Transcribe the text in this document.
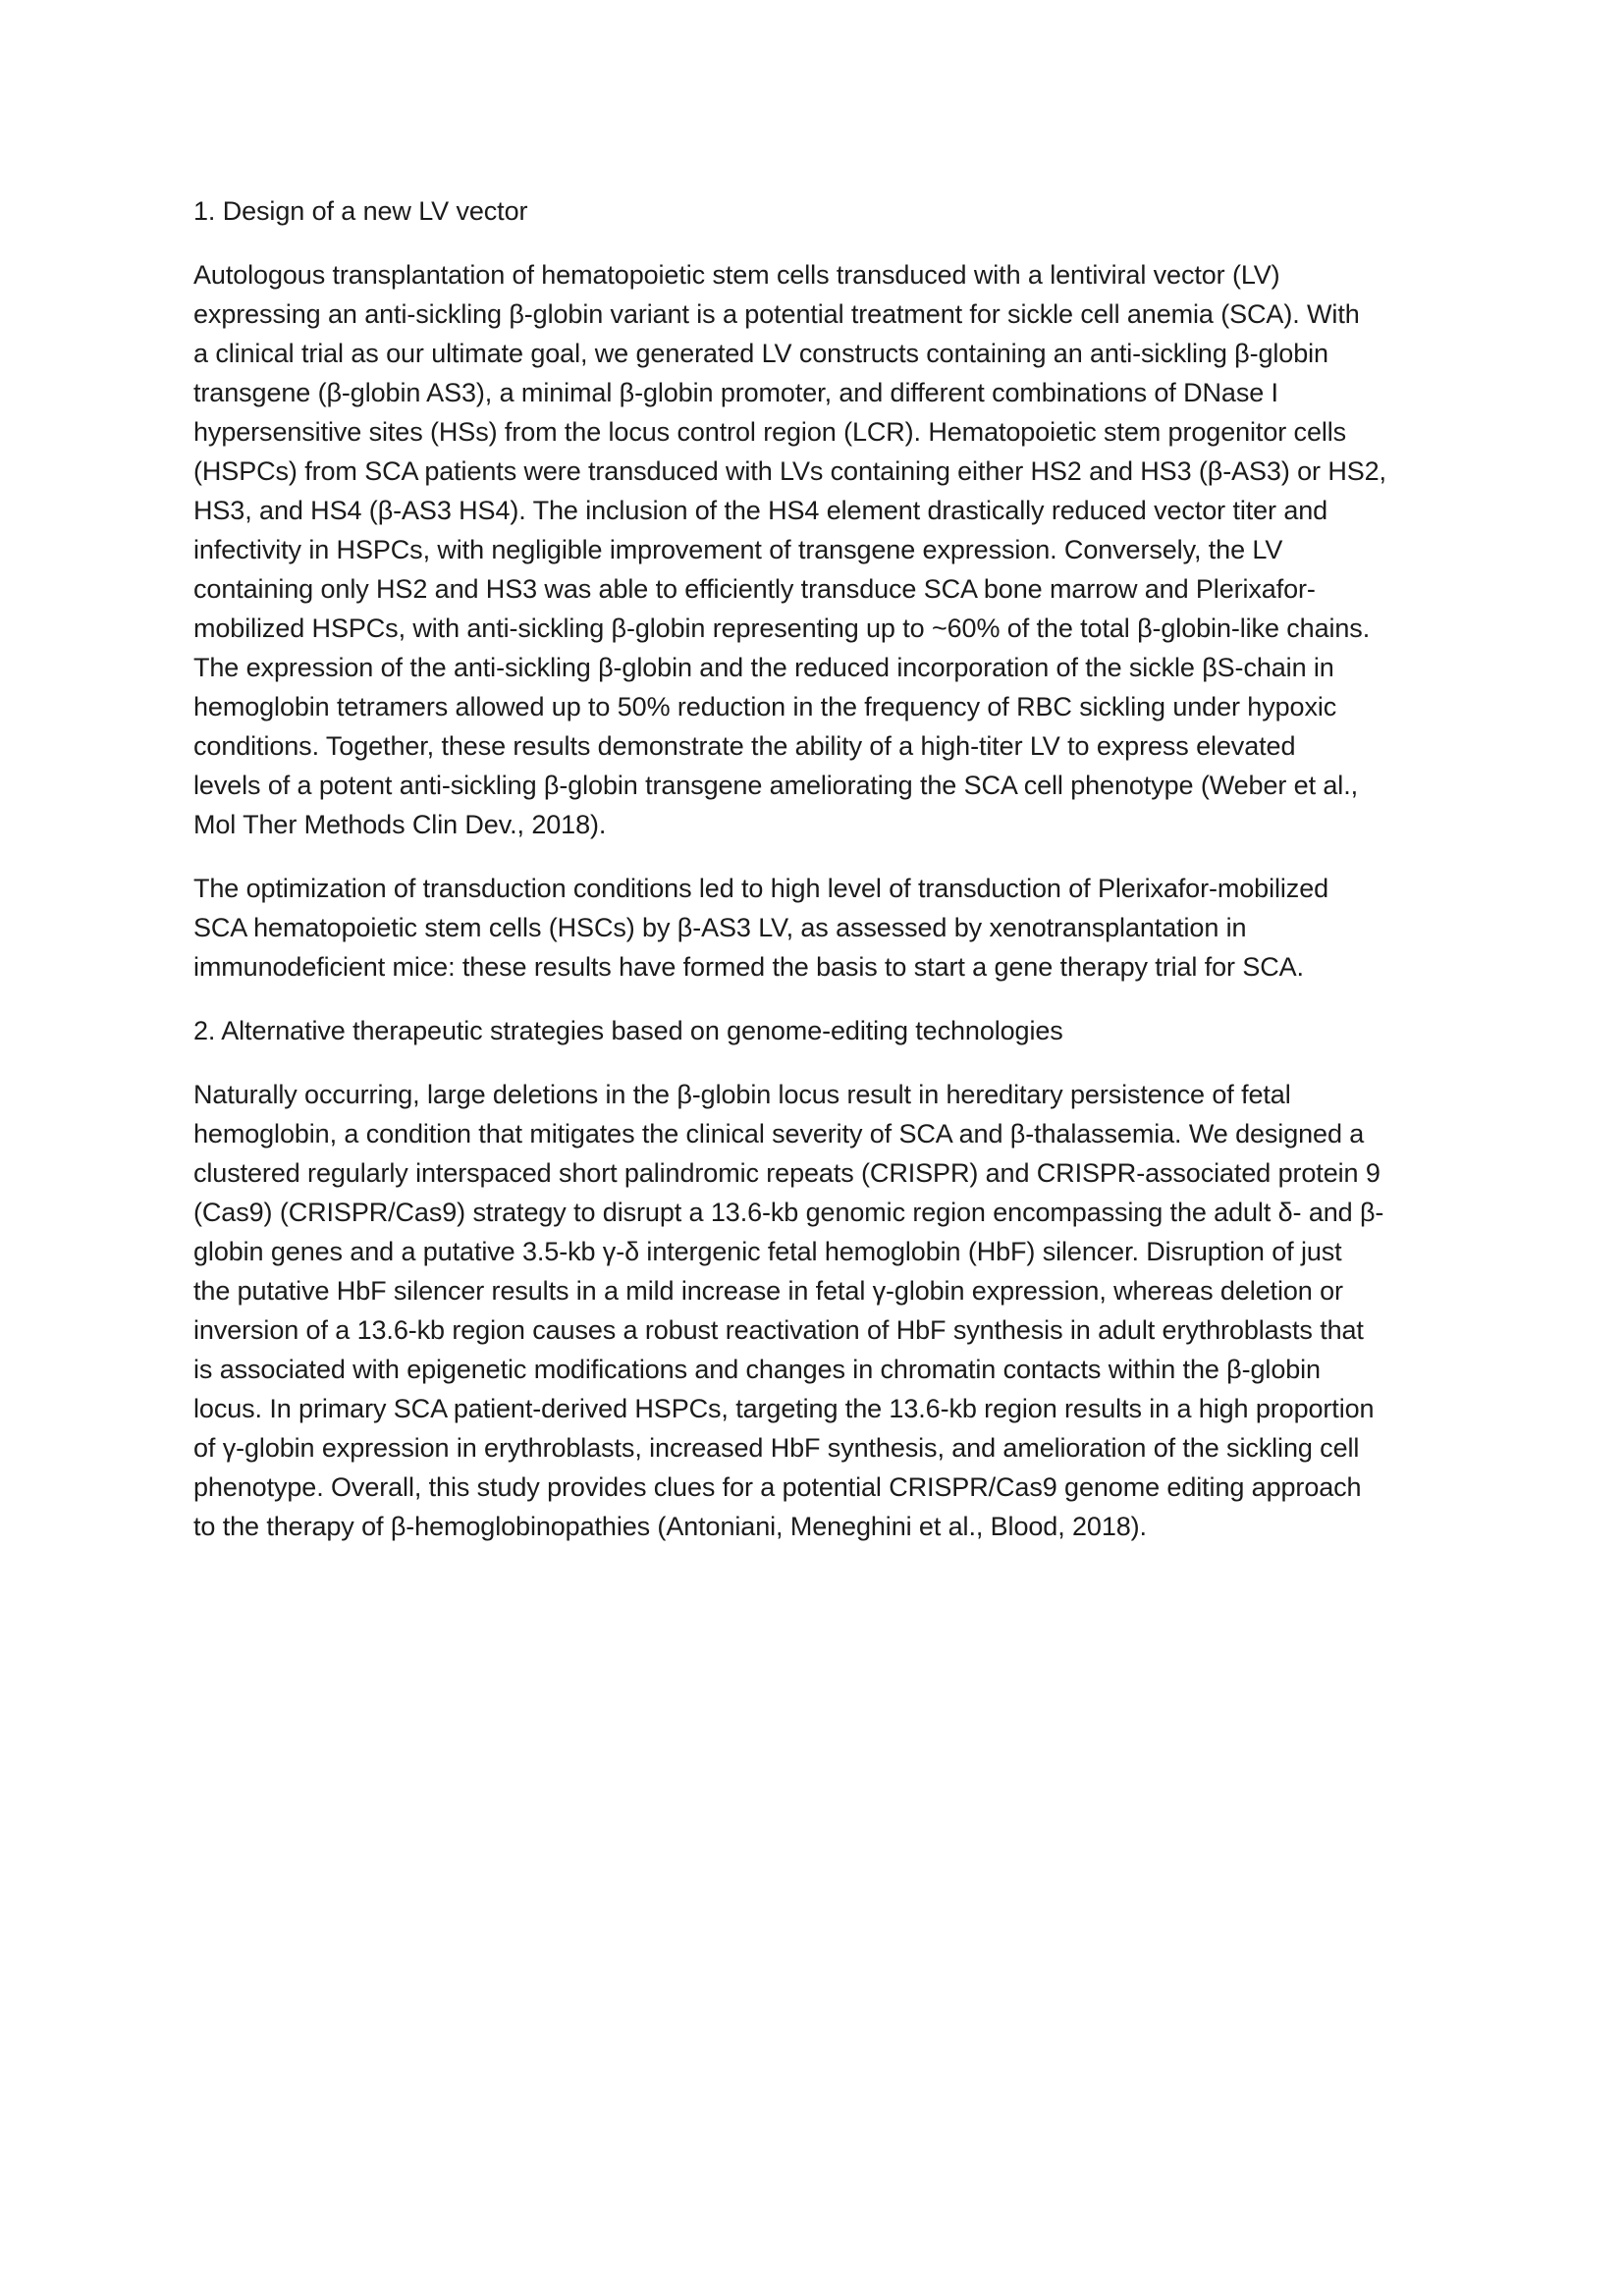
1. Design of a new LV vector

Autologous transplantation of hematopoietic stem cells transduced with a lentiviral vector (LV)
expressing an anti-sickling β-globin variant is a potential treatment for sickle cell anemia (SCA). With
a clinical trial as our ultimate goal, we generated LV constructs containing an anti-sickling β-globin
transgene (β-globin AS3), a minimal β-globin promoter, and different combinations of DNase I
hypersensitive sites (HSs) from the locus control region (LCR). Hematopoietic stem progenitor cells
(HSPCs) from SCA patients were transduced with LVs containing either HS2 and HS3 (β-AS3) or HS2,
HS3, and HS4 (β-AS3 HS4). The inclusion of the HS4 element drastically reduced vector titer and
infectivity in HSPCs, with negligible improvement of transgene expression. Conversely, the LV
containing only HS2 and HS3 was able to efficiently transduce SCA bone marrow and Plerixafor-
mobilized HSPCs, with anti-sickling β-globin representing up to ~60% of the total β-globin-like chains.
The expression of the anti-sickling β-globin and the reduced incorporation of the sickle βS-chain in
hemoglobin tetramers allowed up to 50% reduction in the frequency of RBC sickling under hypoxic
conditions. Together, these results demonstrate the ability of a high-titer LV to express elevated
levels of a potent anti-sickling β-globin transgene ameliorating the SCA cell phenotype (Weber et al.,
Mol Ther Methods Clin Dev., 2018).

The optimization of transduction conditions led to high level of transduction of Plerixafor-mobilized
SCA hematopoietic stem cells (HSCs) by β-AS3 LV, as assessed by xenotransplantation in
immunodeficient mice: these results have formed the basis to start a gene therapy trial for SCA.

2. Alternative therapeutic strategies based on genome-editing technologies

Naturally occurring, large deletions in the β-globin locus result in hereditary persistence of fetal
hemoglobin, a condition that mitigates the clinical severity of SCA and β-thalassemia. We designed a
clustered regularly interspaced short palindromic repeats (CRISPR) and CRISPR-associated protein 9
(Cas9) (CRISPR/Cas9) strategy to disrupt a 13.6-kb genomic region encompassing the adult δ- and β-
globin genes and a putative 3.5-kb γ-δ intergenic fetal hemoglobin (HbF) silencer. Disruption of just
the putative HbF silencer results in a mild increase in fetal γ-globin expression, whereas deletion or
inversion of a 13.6-kb region causes a robust reactivation of HbF synthesis in adult erythroblasts that
is associated with epigenetic modifications and changes in chromatin contacts within the β-globin
locus. In primary SCA patient-derived HSPCs, targeting the 13.6-kb region results in a high proportion
of γ-globin expression in erythroblasts, increased HbF synthesis, and amelioration of the sickling cell
phenotype. Overall, this study provides clues for a potential CRISPR/Cas9 genome editing approach
to the therapy of β-hemoglobinopathies (Antoniani, Meneghini et al., Blood, 2018).
